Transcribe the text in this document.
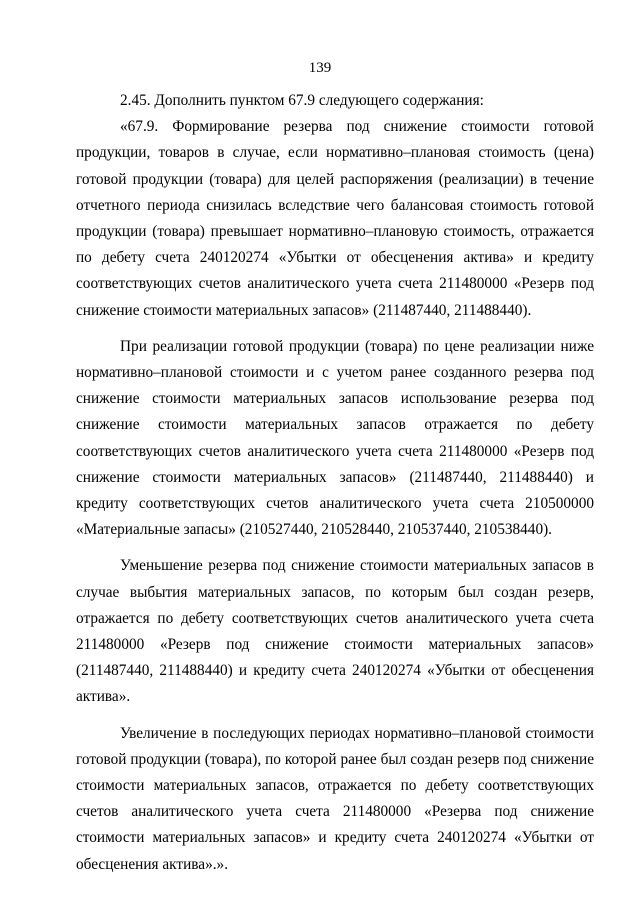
139

2.45. Дополнить пунктом 67.9 следующего содержания:

«67.9. Формирование резерва под снижение стоимости готовой продукции, товаров в случае, если нормативно–плановая стоимость (цена) готовой продукции (товара) для целей распоряжения (реализации) в течение отчетного периода снизилась вследствие чего балансовая стоимость готовой продукции (товара) превышает нормативно–плановую стоимость, отражается по дебету счета 240120274 «Убытки от обесценения актива» и кредиту соответствующих счетов аналитического учета счета 211480000 «Резерв под снижение стоимости материальных запасов» (211487440, 211488440).

При реализации готовой продукции (товара) по цене реализации ниже нормативно–плановой стоимости и с учетом ранее созданного резерва под снижение стоимости материальных запасов использование резерва под снижение стоимости материальных запасов отражается по дебету соответствующих счетов аналитического учета счета 211480000 «Резерв под снижение стоимости материальных запасов» (211487440, 211488440) и кредиту соответствующих счетов аналитического учета счета 210500000 «Материальные запасы» (210527440, 210528440, 210537440, 210538440).

Уменьшение резерва под снижение стоимости материальных запасов в случае выбытия материальных запасов, по которым был создан резерв, отражается по дебету соответствующих счетов аналитического учета счета 211480000 «Резерв под снижение стоимости материальных запасов» (211487440, 211488440) и кредиту счета 240120274 «Убытки от обесценения актива».

Увеличение в последующих периодах нормативно–плановой стоимости готовой продукции (товара), по которой ранее был создан резерв под снижение стоимости материальных запасов, отражается по дебету соответствующих счетов аналитического учета счета 211480000 «Резерва под снижение стоимости материальных запасов» и кредиту счета 240120274 «Убытки от обесценения актива».».
